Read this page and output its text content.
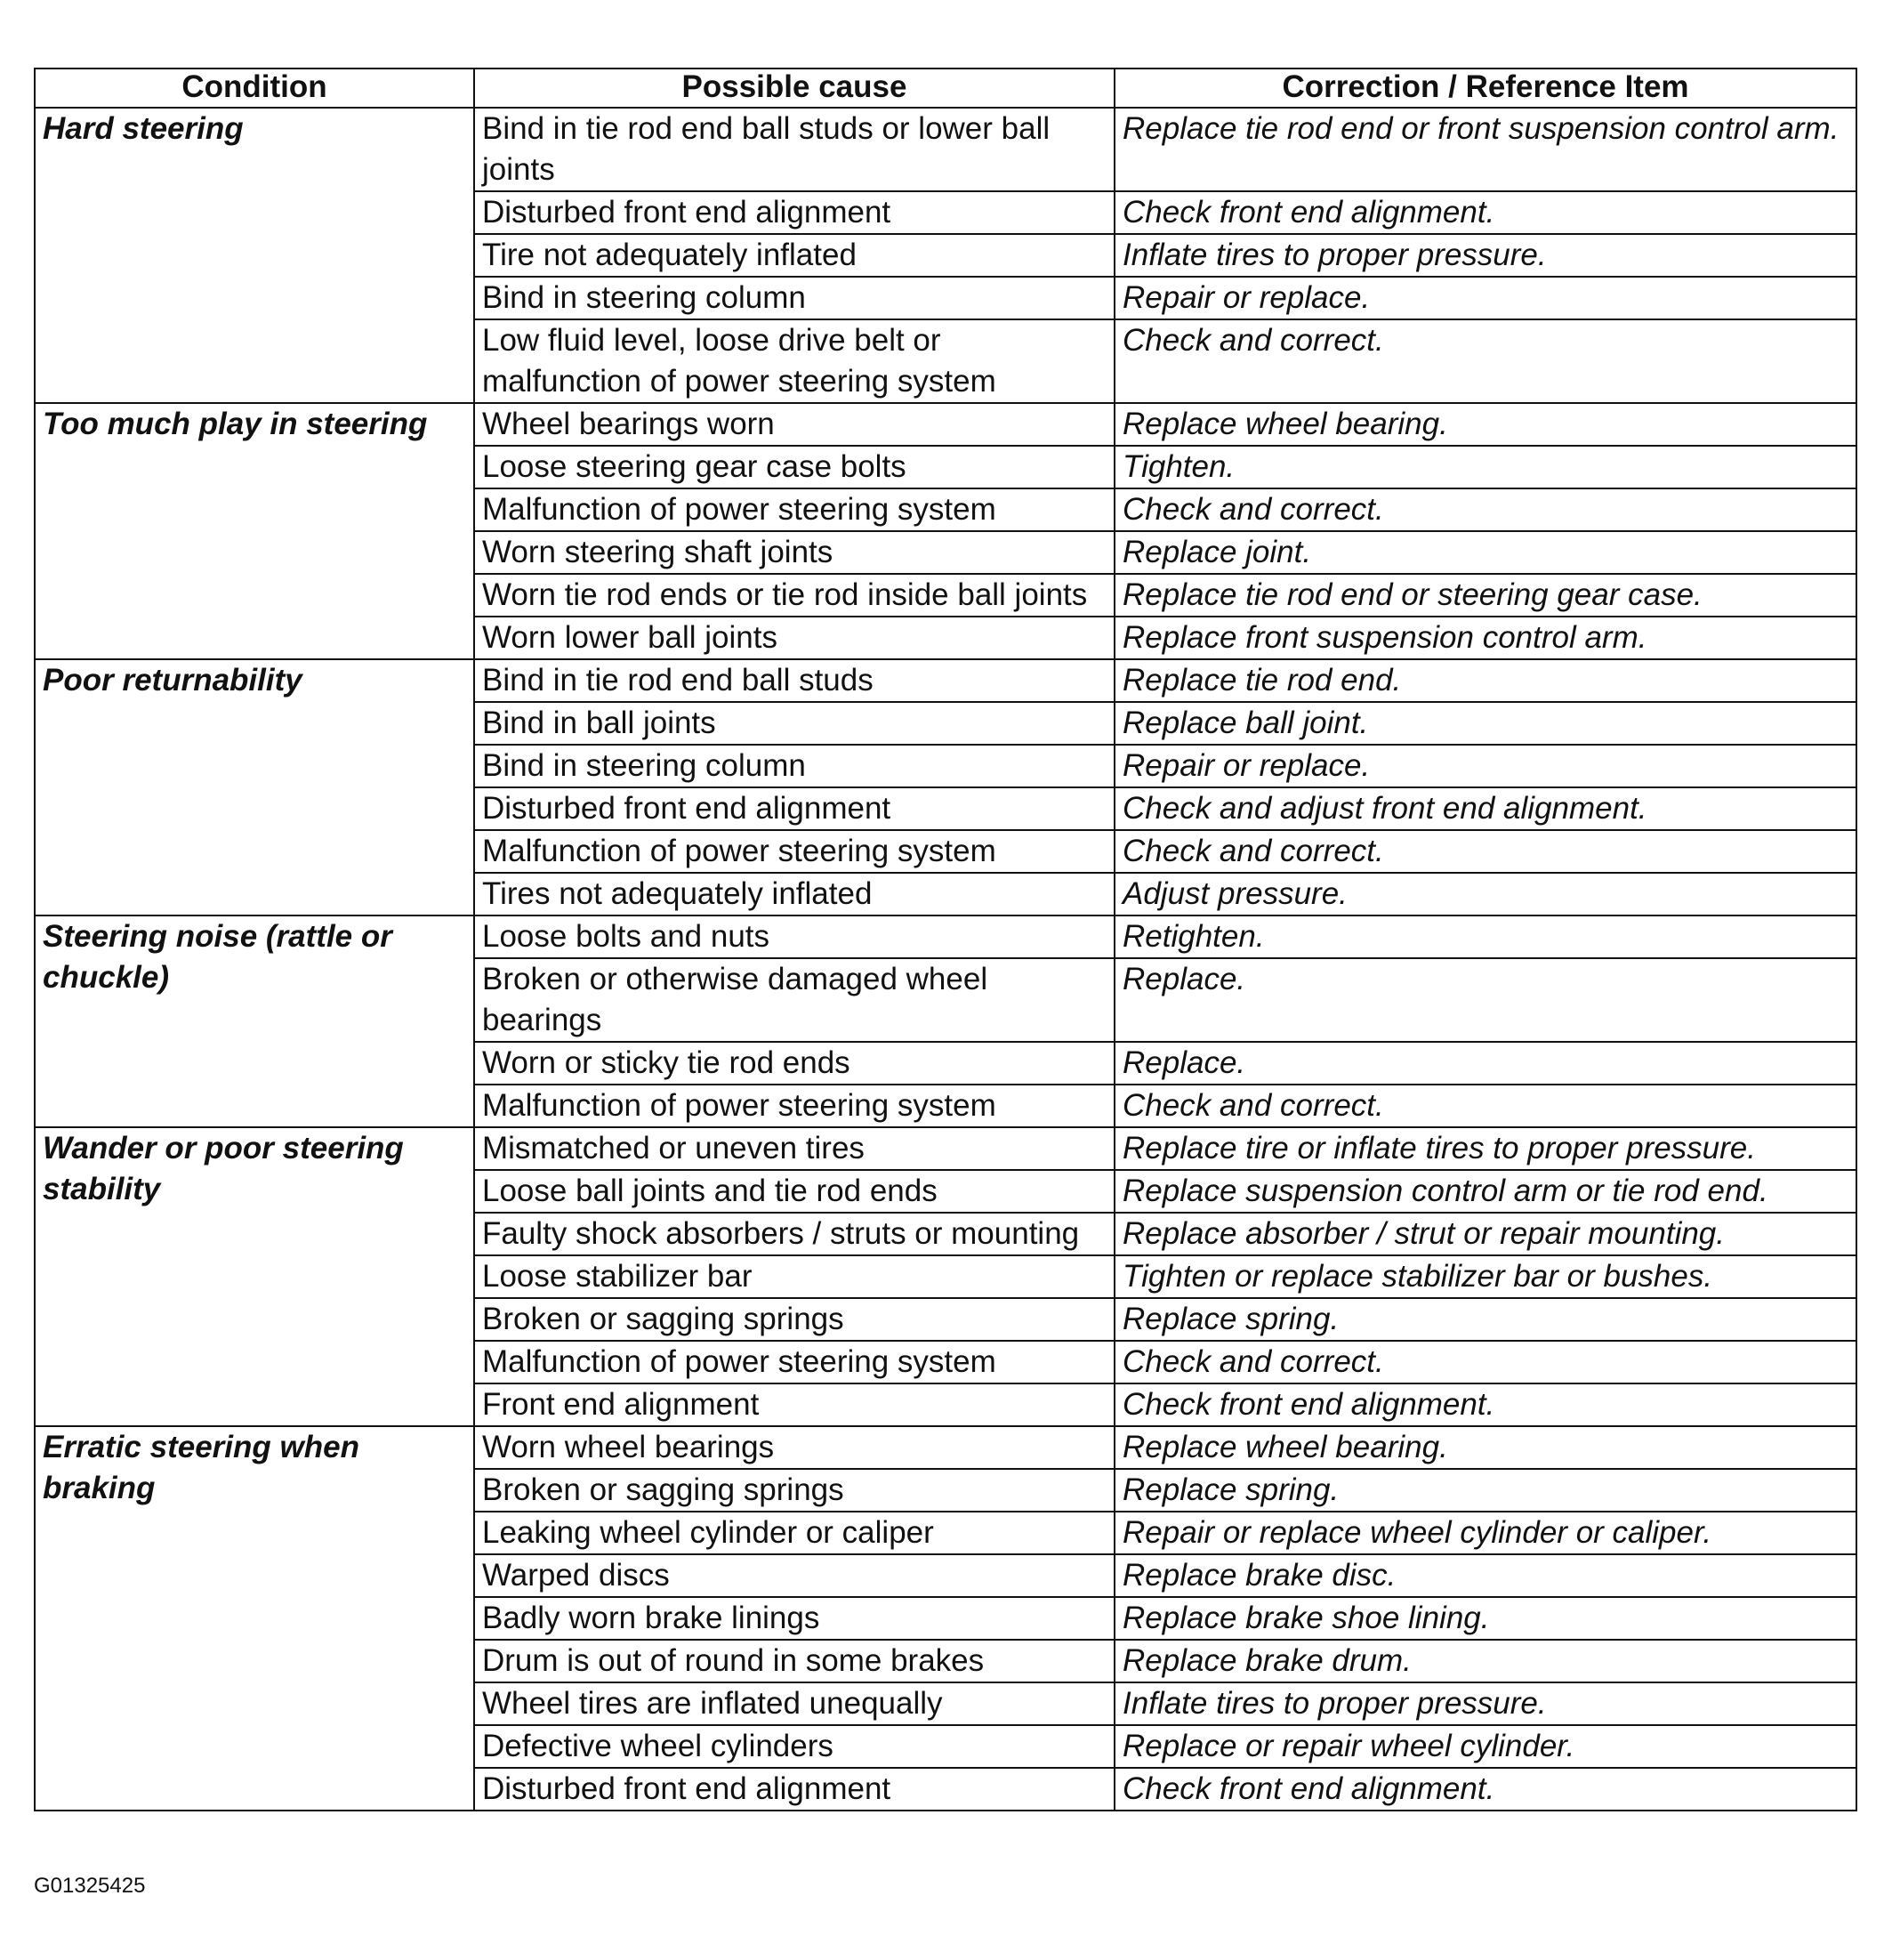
Condition	Possible cause	Correction / Reference Item
Hard steering	Bind in tie rod end ball studs or lower ball joints	Replace tie rod end or front suspension control arm.
	Disturbed front end alignment	Check front end alignment.
	Tire not adequately inflated	Inflate tires to proper pressure.
	Bind in steering column	Repair or replace.
	Low fluid level, loose drive belt or malfunction of power steering system	Check and correct.
Too much play in steering	Wheel bearings worn	Replace wheel bearing.
	Loose steering gear case bolts	Tighten.
	Malfunction of power steering system	Check and correct.
	Worn steering shaft joints	Replace joint.
	Worn tie rod ends or tie rod inside ball joints	Replace tie rod end or steering gear case.
	Worn lower ball joints	Replace front suspension control arm.
Poor returnability	Bind in tie rod end ball studs	Replace tie rod end.
	Bind in ball joints	Replace ball joint.
	Bind in steering column	Repair or replace.
	Disturbed front end alignment	Check and adjust front end alignment.
	Malfunction of power steering system	Check and correct.
	Tires not adequately inflated	Adjust pressure.
Steering noise (rattle or chuckle)	Loose bolts and nuts	Retighten.
	Broken or otherwise damaged wheel bearings	Replace.
	Worn or sticky tie rod ends	Replace.
	Malfunction of power steering system	Check and correct.
Wander or poor steering stability	Mismatched or uneven tires	Replace tire or inflate tires to proper pressure.
	Loose ball joints and tie rod ends	Replace suspension control arm or tie rod end.
	Faulty shock absorbers / struts or mounting	Replace absorber / strut or repair mounting.
	Loose stabilizer bar	Tighten or replace stabilizer bar or bushes.
	Broken or sagging springs	Replace spring.
	Malfunction of power steering system	Check and correct.
	Front end alignment	Check front end alignment.
Erratic steering when braking	Worn wheel bearings	Replace wheel bearing.
	Broken or sagging springs	Replace spring.
	Leaking wheel cylinder or caliper	Repair or replace wheel cylinder or caliper.
	Warped discs	Replace brake disc.
	Badly worn brake linings	Replace brake shoe lining.
	Drum is out of round in some brakes	Replace brake drum.
	Wheel tires are inflated unequally	Inflate tires to proper pressure.
	Defective wheel cylinders	Replace or repair wheel cylinder.
	Disturbed front end alignment	Check front end alignment.
G01325425
